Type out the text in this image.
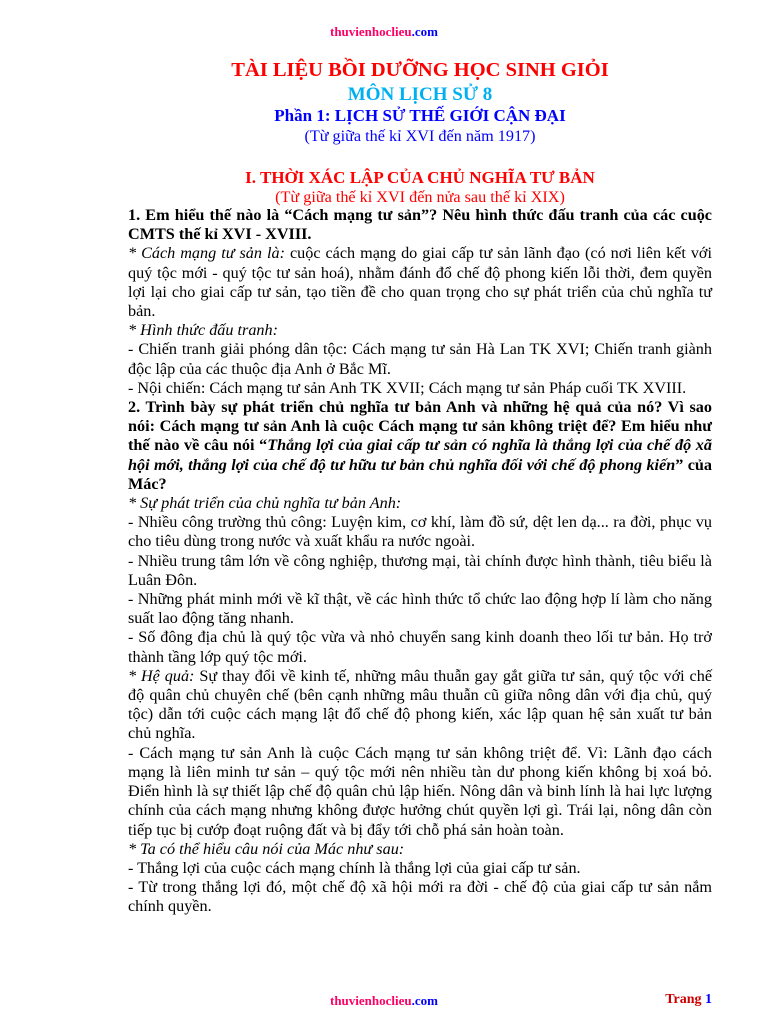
thuvienhoclieu.com
TÀI LIỆU BỒI DƯỠNG HỌC SINH GIỎI
MÔN LỊCH SỬ 8
Phần 1: LỊCH SỬ THẾ GIỚI CẬN ĐẠI
(Từ giữa thế kỉ XVI đến năm 1917)
I. THỜI XÁC LẬP CỦA CHỦ NGHĨA TƯ BẢN
(Từ giữa thế kỉ XVI đến nửa sau thế kỉ XIX)

1. Em hiểu thế nào là “Cách mạng tư sản”? Nêu hình thức đấu tranh của các cuộc CMTS thế kỉ XVI - XVIII.

* Cách mạng tư sản là: cuộc cách mạng do giai cấp tư sản lãnh đạo (có nơi liên kết với quý tộc mới - quý tộc tư sản hoá), nhằm đánh đổ chế độ phong kiến lỗi thời, đem quyền lợi lại cho giai cấp tư sản, tạo tiền đề cho quan trọng cho sự phát triển của chủ nghĩa tư bản.

* Hình thức đấu tranh:

- Chiến tranh giải phóng dân tộc: Cách mạng tư sản Hà Lan TK XVI; Chiến tranh giành độc lập của các thuộc địa Anh ở Bắc Mĩ.

- Nội chiến: Cách mạng tư sản Anh TK XVII; Cách mạng tư sản Pháp cuối TK XVIII.

2. Trình bày sự phát triển chủ nghĩa tư bản Anh và những hệ quả của nó? Vì sao nói: Cách mạng tư sản Anh là cuộc Cách mạng tư sản không triệt để? Em hiểu như thế nào về câu nói “Thắng lợi của giai cấp tư sản có nghĩa là thắng lợi của chế độ xã hội mới, thắng lợi của chế độ tư hữu tư bản chủ nghĩa đối với chế độ phong kiến” của Mác?

* Sự phát triển của chủ nghĩa tư bản Anh:

- Nhiều công trường thủ công: Luyện kim, cơ khí, làm đồ sứ, dệt len dạ... ra đời, phục vụ cho tiêu dùng trong nước và xuất khẩu ra nước ngoài.

- Nhiều trung tâm lớn về công nghiệp, thương mại, tài chính được hình thành, tiêu biểu là Luân Đôn.

- Những phát minh mới về kĩ thật, về các hình thức tổ chức lao động hợp lí làm cho năng suất lao động tăng nhanh.

- Số đông địa chủ là quý tộc vừa và nhỏ chuyển sang kinh doanh theo lối tư bản. Họ trở thành tầng lớp quý tộc mới.

* Hệ quả: Sự thay đổi về kinh tế, những mâu thuẫn gay gắt giữa tư sản, quý tộc với chế độ quân chủ chuyên chế (bên cạnh những mâu thuẫn cũ giữa nông dân với địa chủ, quý tộc) dẫn tới cuộc cách mạng lật đổ chế độ phong kiến, xác lập quan hệ sản xuất tư bản chủ nghĩa.

- Cách mạng tư sản Anh là cuộc Cách mạng tư sản không triệt để. Vì: Lãnh đạo cách mạng là liên minh tư sản – quý tộc mới nên nhiều tàn dư phong kiến không bị xoá bỏ. Điển hình là sự thiết lập chế độ quân chủ lập hiến. Nông dân và binh lính là hai lực lượng chính của cách mạng nhưng không được hưởng chút quyền lợi gì. Trái lại, nông dân còn tiếp tục bị cướp đoạt ruộng đất và bị đẩy tới chỗ phá sản hoàn toàn.

* Ta có thể hiểu câu nói của Mác như sau:

- Thắng lợi của cuộc cách mạng chính là thắng lợi của giai cấp tư sản.

- Từ trong thắng lợi đó, một chế độ xã hội mới ra đời - chế độ của giai cấp tư sản nắm chính quyền.

thuvienhoclieu.com	Trang 1
